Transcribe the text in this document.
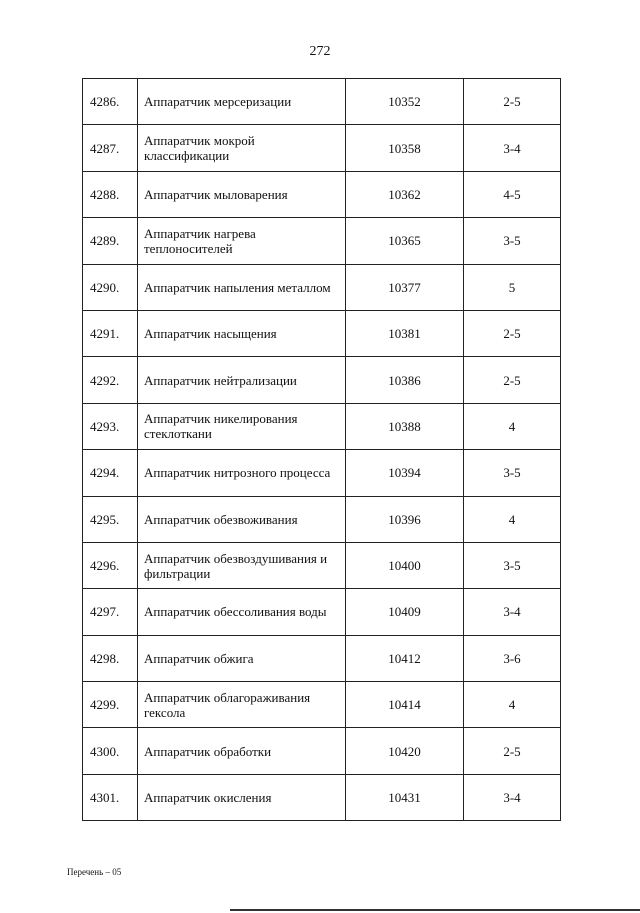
272
4286.	Аппаратчик мерсеризации	10352	2-5
4287.	Аппаратчик мокрой классификации	10358	3-4
4288.	Аппаратчик мыловарения	10362	4-5
4289.	Аппаратчик нагрева теплоносителей	10365	3-5
4290.	Аппаратчик напыления металлом	10377	5
4291.	Аппаратчик насыщения	10381	2-5
4292.	Аппаратчик нейтрализации	10386	2-5
4293.	Аппаратчик никелирования стеклоткани	10388	4
4294.	Аппаратчик нитрозного процесса	10394	3-5
4295.	Аппаратчик обезвоживания	10396	4
4296.	Аппаратчик обезвоздушивания и фильтрации	10400	3-5
4297.	Аппаратчик обессоливания воды	10409	3-4
4298.	Аппаратчик обжига	10412	3-6
4299.	Аппаратчик облагораживания гексола	10414	4
4300.	Аппаратчик обработки	10420	2-5
4301.	Аппаратчик окисления	10431	3-4
Перечень – 05
